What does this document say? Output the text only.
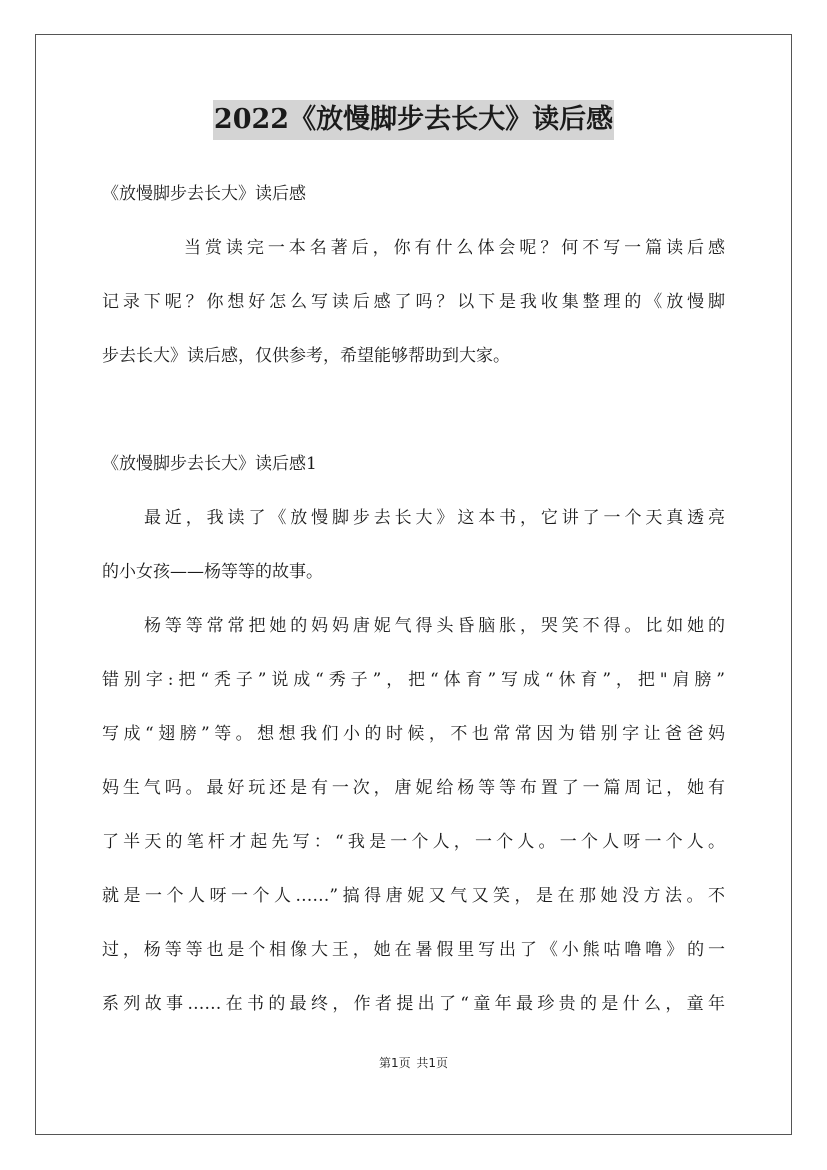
2022《放慢脚步去长大》读后感
《放慢脚步去长大》读后感
当赏读完一本名著后，你有什么体会呢？何不写一篇读后感
记录下呢？你想好怎么写读后感了吗？以下是我收集整理的《放慢脚
步去长大》读后感，仅供参考，希望能够帮助到大家。
《放慢脚步去长大》读后感1
最近，我读了《放慢脚步去长大》这本书，它讲了一个天真透亮
的小女孩——杨等等的故事。
杨等等常常把她的妈妈唐妮气得头昏脑胀，哭笑不得。比如她的
错别字:把“秃子”说成“秀子”，把“体育”写成“休育”，把"肩膀”
写成“翅膀”等。想想我们小的时候，不也常常因为错别字让爸爸妈
妈生气吗。最好玩还是有一次，唐妮给杨等等布置了一篇周记，她有
了半天的笔杆才起先写：“我是一个人，一个人。一个人呀一个人。
就是一个人呀一个人……”搞得唐妮又气又笑，是在那她没方法。不
过，杨等等也是个相像大王，她在暑假里写出了《小熊咕噜噜》的一
系列故事……在书的最终，作者提出了“童年最珍贵的是什么，童年
第1页 共1页
